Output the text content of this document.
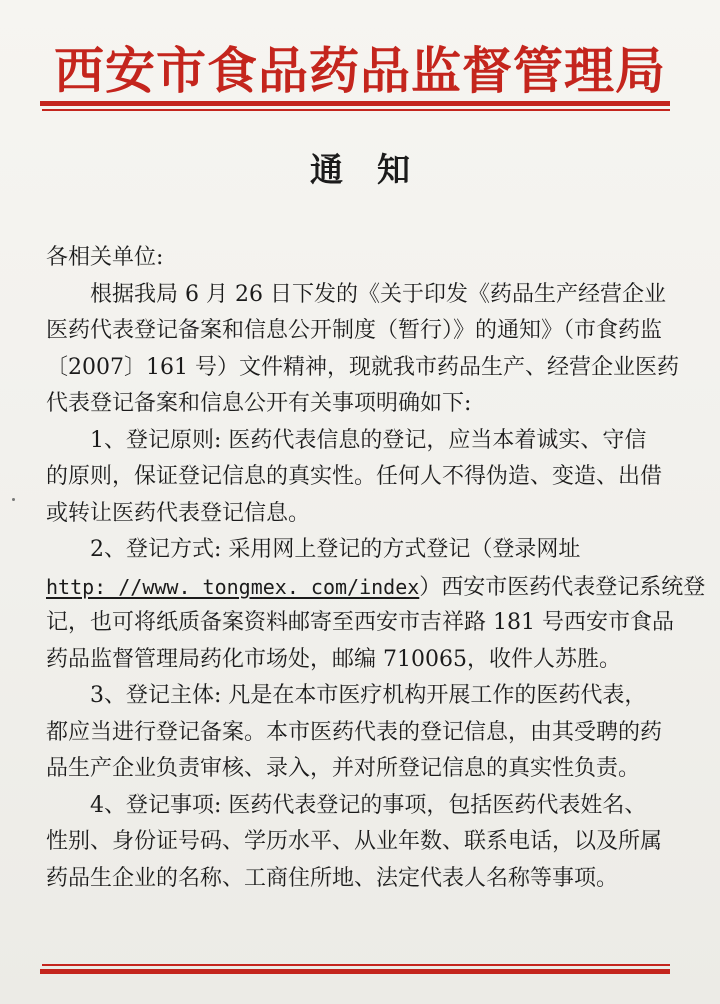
西安市食品药品监督管理局
通知
各相关单位:
根据我局 6 月 26 日下发的《关于印发《药品生产经营企业
医药代表登记备案和信息公开制度（暂行）》的通知》（市食药监
〔2007〕161 号）文件精神，现就我市药品生产、经营企业医药
代表登记备案和信息公开有关事项明确如下:
1、登记原则: 医药代表信息的登记，应当本着诚实、守信
的原则，保证登记信息的真实性。任何人不得伪造、变造、出借
或转让医药代表登记信息。
2、登记方式: 采用网上登记的方式登记（登录网址
http: //www. tongmex. com/index）西安市医药代表登记系统登
记，也可将纸质备案资料邮寄至西安市吉祥路 181 号西安市食品
药品监督管理局药化市场处，邮编 710065，收件人苏胜。
3、登记主体: 凡是在本市医疗机构开展工作的医药代表，
都应当进行登记备案。本市医药代表的登记信息，由其受聘的药
品生产企业负责审核、录入，并对所登记信息的真实性负责。
4、登记事项: 医药代表登记的事项，包括医药代表姓名、
性别、身份证号码、学历水平、从业年数、联系电话，以及所属
药品生企业的名称、工商住所地、法定代表人名称等事项。
